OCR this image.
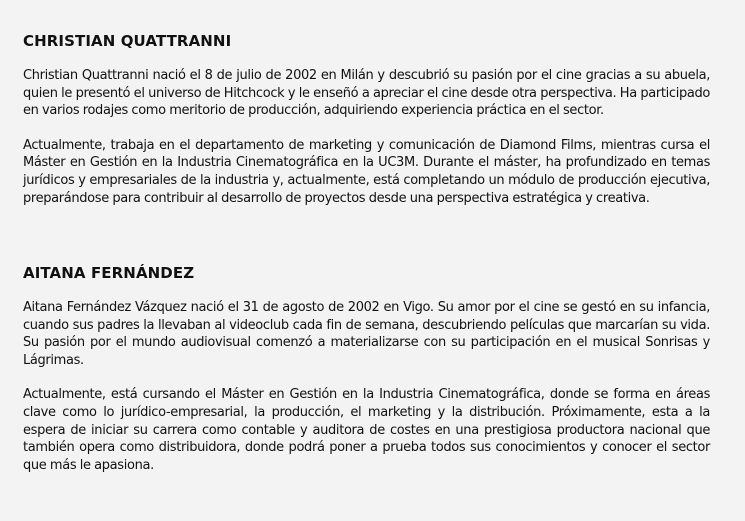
CHRISTIAN QUATTRANNI

Christian Quattranni nació el 8 de julio de 2002 en Milán y descubrió su pasión por el cine gracias a su abuela, quien le presentó el universo de Hitchcock y le enseñó a apreciar el cine desde otra perspectiva. Ha participado en varios rodajes como meritorio de producción, adquiriendo experiencia práctica en el sector.

Actualmente, trabaja en el departamento de marketing y comunicación de Diamond Films, mientras cursa el Máster en Gestión en la Industria Cinematográfica en la UC3M. Durante el máster, ha profundizado en temas jurídicos y empresariales de la industria y, actualmente, está completando un módulo de producción ejecutiva, preparándose para contribuir al desarrollo de proyectos desde una perspectiva estratégica y creativa.

AITANA FERNÁNDEZ

Aitana Fernández Vázquez nació el 31 de agosto de 2002 en Vigo. Su amor por el cine se gestó en su infancia, cuando sus padres la llevaban al videoclub cada fin de semana, descubriendo películas que marcarían su vida. Su pasión por el mundo audiovisual comenzó a materializarse con su participación en el musical Sonrisas y Lágrimas.

Actualmente, está cursando el Máster en Gestión en la Industria Cinematográfica, donde se forma en áreas clave como lo jurídico-empresarial, la producción, el marketing y la distribución. Próximamente, esta a la espera de iniciar su carrera como contable y auditora de costes en una prestigiosa productora nacional que también opera como distribuidora, donde podrá poner a prueba todos sus conocimientos y conocer el sector que más le apasiona.
